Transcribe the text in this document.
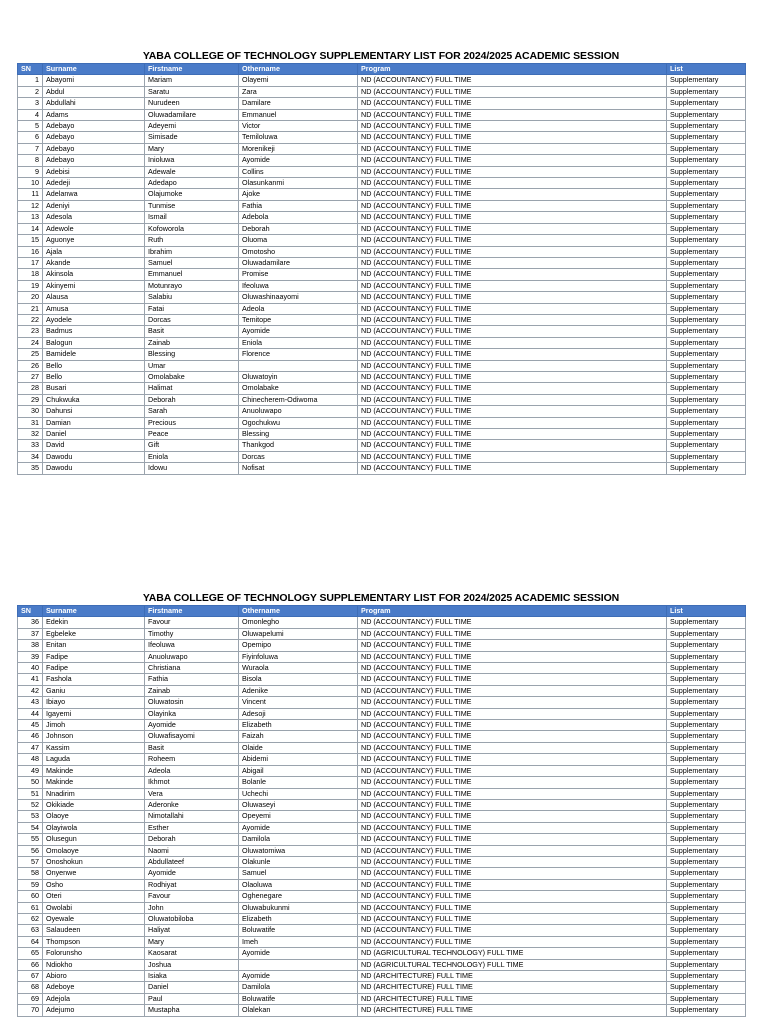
YABA COLLEGE OF TECHNOLOGY SUPPLEMENTARY LIST FOR 2024/2025 ACADEMIC SESSION
SN	Surname	Firstname	Othername	Program	List
1	Abayomi	Mariam	Olayemi	ND (ACCOUNTANCY) FULL TIME	Supplementary
2	Abdul	Saratu	Zara	ND (ACCOUNTANCY) FULL TIME	Supplementary
3	Abdullahi	Nurudeen	Damilare	ND (ACCOUNTANCY) FULL TIME	Supplementary
4	Adams	Oluwadamilare	Emmanuel	ND (ACCOUNTANCY) FULL TIME	Supplementary
5	Adebayo	Adeyemi	Victor	ND (ACCOUNTANCY) FULL TIME	Supplementary
6	Adebayo	Simisade	Temiloluwa	ND (ACCOUNTANCY) FULL TIME	Supplementary
7	Adebayo	Mary	Morenikeji	ND (ACCOUNTANCY) FULL TIME	Supplementary
8	Adebayo	Inioluwa	Ayomide	ND (ACCOUNTANCY) FULL TIME	Supplementary
9	Adebisi	Adewale	Collins	ND (ACCOUNTANCY) FULL TIME	Supplementary
10	Adedeji	Adedapo	Olasunkanmi	ND (ACCOUNTANCY) FULL TIME	Supplementary
11	Adelanwa	Olajumoke	Ajoke	ND (ACCOUNTANCY) FULL TIME	Supplementary
12	Adeniyi	Tunmise	Fathia	ND (ACCOUNTANCY) FULL TIME	Supplementary
13	Adesola	Ismail	Adebola	ND (ACCOUNTANCY) FULL TIME	Supplementary
14	Adewole	Kofoworola	Deborah	ND (ACCOUNTANCY) FULL TIME	Supplementary
15	Aguonye	Ruth	Oluoma	ND (ACCOUNTANCY) FULL TIME	Supplementary
16	Ajala	Ibrahim	Omotosho	ND (ACCOUNTANCY) FULL TIME	Supplementary
17	Akande	Samuel	Oluwadamilare	ND (ACCOUNTANCY) FULL TIME	Supplementary
18	Akinsola	Emmanuel	Promise	ND (ACCOUNTANCY) FULL TIME	Supplementary
19	Akinyemi	Motunrayo	Ifeoluwa	ND (ACCOUNTANCY) FULL TIME	Supplementary
20	Alausa	Salabiu	Oluwashinaayomi	ND (ACCOUNTANCY) FULL TIME	Supplementary
21	Amusa	Fatai	Adeola	ND (ACCOUNTANCY) FULL TIME	Supplementary
22	Ayodele	Dorcas	Temitope	ND (ACCOUNTANCY) FULL TIME	Supplementary
23	Badmus	Basit	Ayomide	ND (ACCOUNTANCY) FULL TIME	Supplementary
24	Balogun	Zainab	Eniola	ND (ACCOUNTANCY) FULL TIME	Supplementary
25	Bamidele	Blessing	Florence	ND (ACCOUNTANCY) FULL TIME	Supplementary
26	Bello	Umar		ND (ACCOUNTANCY) FULL TIME	Supplementary
27	Bello	Omolabake	Oluwatoyin	ND (ACCOUNTANCY) FULL TIME	Supplementary
28	Busari	Halimat	Omolabake	ND (ACCOUNTANCY) FULL TIME	Supplementary
29	Chukwuka	Deborah	Chinecherem-Odiwoma	ND (ACCOUNTANCY) FULL TIME	Supplementary
30	Dahunsi	Sarah	Anuoluwapo	ND (ACCOUNTANCY) FULL TIME	Supplementary
31	Damian	Precious	Ogochukwu	ND (ACCOUNTANCY) FULL TIME	Supplementary
32	Daniel	Peace	Blessing	ND (ACCOUNTANCY) FULL TIME	Supplementary
33	David	Gift	Thankgod	ND (ACCOUNTANCY) FULL TIME	Supplementary
34	Dawodu	Eniola	Dorcas	ND (ACCOUNTANCY) FULL TIME	Supplementary
35	Dawodu	Idowu	Nofisat	ND (ACCOUNTANCY) FULL TIME	Supplementary
YABA COLLEGE OF TECHNOLOGY SUPPLEMENTARY LIST FOR 2024/2025 ACADEMIC SESSION
SN	Surname	Firstname	Othername	Program	List
36	Edekin	Favour	Omonlegho	ND (ACCOUNTANCY) FULL TIME	Supplementary
37	Egbeleke	Timothy	Oluwapelumi	ND (ACCOUNTANCY) FULL TIME	Supplementary
38	Enitan	Ifeoluwa	Opemipo	ND (ACCOUNTANCY) FULL TIME	Supplementary
39	Fadipe	Anuoluwapo	Fiyinfoluwa	ND (ACCOUNTANCY) FULL TIME	Supplementary
40	Fadipe	Christiana	Wuraola	ND (ACCOUNTANCY) FULL TIME	Supplementary
41	Fashola	Fathia	Bisola	ND (ACCOUNTANCY) FULL TIME	Supplementary
42	Ganiu	Zainab	Adenike	ND (ACCOUNTANCY) FULL TIME	Supplementary
43	Ibiayo	Oluwatosin	Vincent	ND (ACCOUNTANCY) FULL TIME	Supplementary
44	Igayemi	Olayinka	Adesoji	ND (ACCOUNTANCY) FULL TIME	Supplementary
45	Jimoh	Ayomide	Elizabeth	ND (ACCOUNTANCY) FULL TIME	Supplementary
46	Johnson	Oluwafisayomi	Faizah	ND (ACCOUNTANCY) FULL TIME	Supplementary
47	Kassim	Basit	Olaide	ND (ACCOUNTANCY) FULL TIME	Supplementary
48	Laguda	Roheem	Abidemi	ND (ACCOUNTANCY) FULL TIME	Supplementary
49	Makinde	Adeola	Abigail	ND (ACCOUNTANCY) FULL TIME	Supplementary
50	Makinde	Ikhmot	Bolanle	ND (ACCOUNTANCY) FULL TIME	Supplementary
51	Nnadirim	Vera	Uchechi	ND (ACCOUNTANCY) FULL TIME	Supplementary
52	Okikiade	Aderonke	Oluwaseyi	ND (ACCOUNTANCY) FULL TIME	Supplementary
53	Olaoye	Nimotallahi	Opeyemi	ND (ACCOUNTANCY) FULL TIME	Supplementary
54	Olayiwola	Esther	Ayomide	ND (ACCOUNTANCY) FULL TIME	Supplementary
55	Olusegun	Deborah	Damilola	ND (ACCOUNTANCY) FULL TIME	Supplementary
56	Omolaoye	Naomi	Oluwatomiwa	ND (ACCOUNTANCY) FULL TIME	Supplementary
57	Onoshokun	Abdullateef	Olakunle	ND (ACCOUNTANCY) FULL TIME	Supplementary
58	Onyenwe	Ayomide	Samuel	ND (ACCOUNTANCY) FULL TIME	Supplementary
59	Osho	Rodhiyat	Olaoluwa	ND (ACCOUNTANCY) FULL TIME	Supplementary
60	Oteri	Favour	Oghenegare	ND (ACCOUNTANCY) FULL TIME	Supplementary
61	Owolabi	John	Oluwabukunmi	ND (ACCOUNTANCY) FULL TIME	Supplementary
62	Oyewale	Oluwatobiloba	Elizabeth	ND (ACCOUNTANCY) FULL TIME	Supplementary
63	Salaudeen	Haliyat	Boluwatife	ND (ACCOUNTANCY) FULL TIME	Supplementary
64	Thompson	Mary	Imeh	ND (ACCOUNTANCY) FULL TIME	Supplementary
65	Folorunsho	Kaosarat	Ayomide	ND (AGRICULTURAL TECHNOLOGY) FULL TIME	Supplementary
66	Ndiokho	Joshua		ND (AGRICULTURAL TECHNOLOGY) FULL TIME	Supplementary
67	Abioro	Isiaka	Ayomide	ND (ARCHITECTURE) FULL TIME	Supplementary
68	Adeboye	Daniel	Damilola	ND (ARCHITECTURE) FULL TIME	Supplementary
69	Adejola	Paul	Boluwatife	ND (ARCHITECTURE) FULL TIME	Supplementary
70	Adejumo	Mustapha	Olalekan	ND (ARCHITECTURE) FULL TIME	Supplementary
